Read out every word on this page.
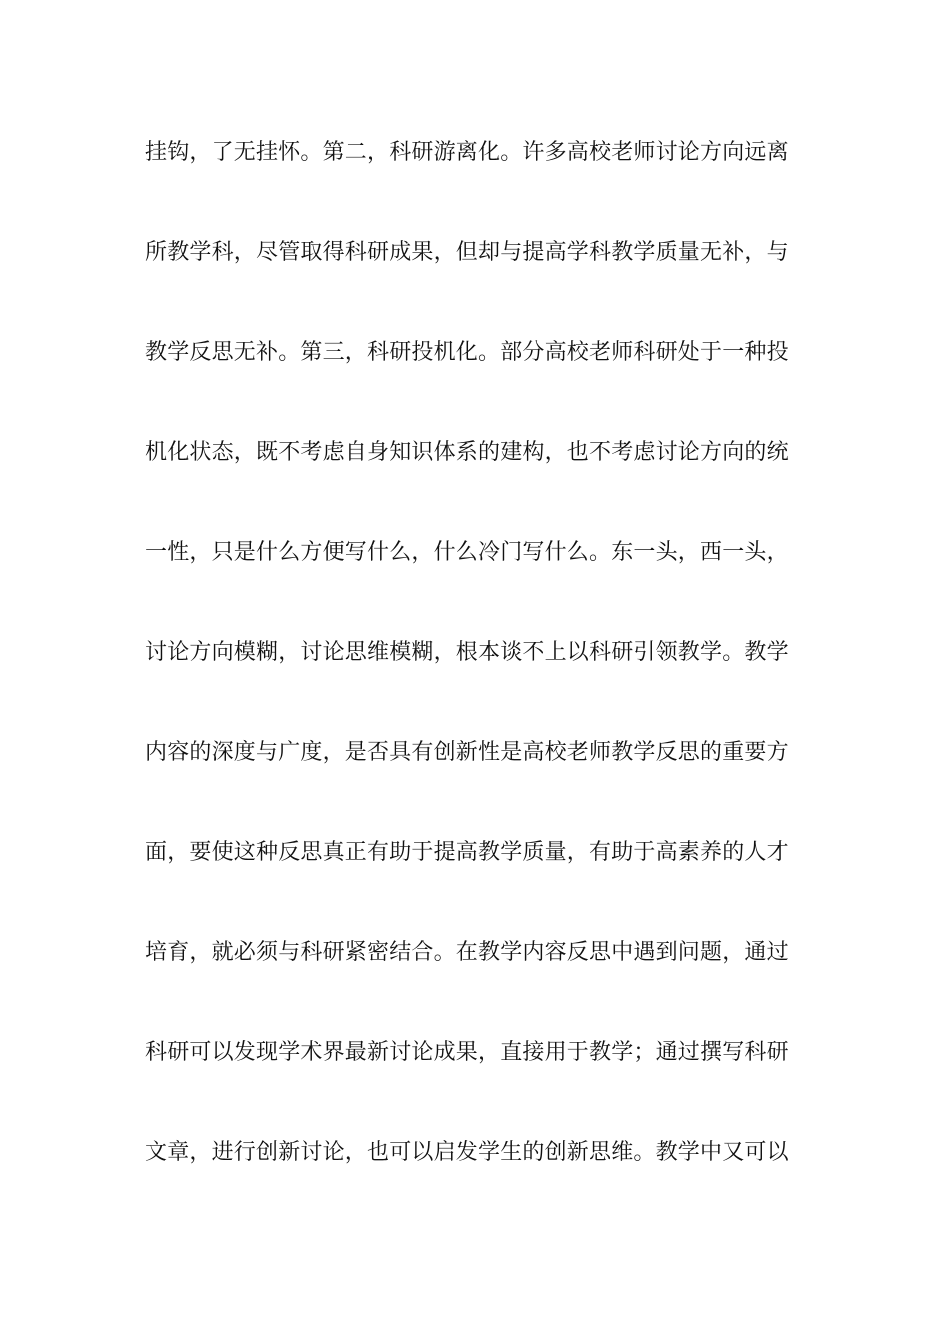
挂钩，了无挂怀。第二，科研游离化。许多高校老师讨论方向远离
所教学科，尽管取得科研成果，但却与提高学科教学质量无补，与
教学反思无补。第三，科研投机化。部分高校老师科研处于一种投
机化状态，既不考虑自身知识体系的建构，也不考虑讨论方向的统
一性，只是什么方便写什么，什么冷门写什么。东一头，西一头，
讨论方向模糊，讨论思维模糊，根本谈不上以科研引领教学。教学
内容的深度与广度，是否具有创新性是高校老师教学反思的重要方
面，要使这种反思真正有助于提高教学质量，有助于高素养的人才
培育，就必须与科研紧密结合。在教学内容反思中遇到问题，通过
科研可以发现学术界最新讨论成果，直接用于教学；通过撰写科研
文章，进行创新讨论，也可以启发学生的创新思维。教学中又可以
